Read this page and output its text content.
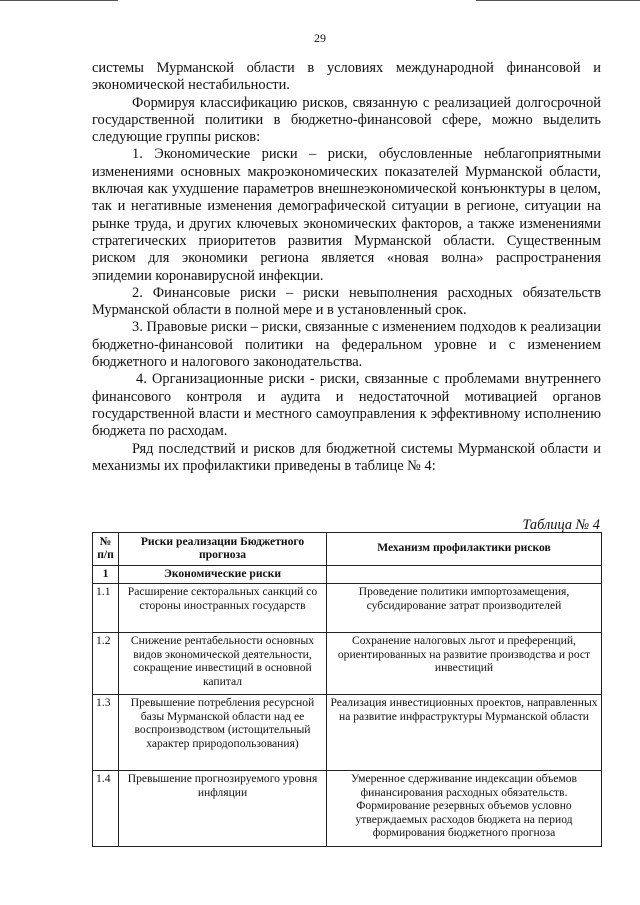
29

системы Мурманской области в условиях международной финансовой и экономической нестабильности.

Формируя классификацию рисков, связанную с реализацией долгосрочной государственной политики в бюджетно-финансовой сфере, можно выделить следующие группы рисков:

1. Экономические риски – риски, обусловленные неблагоприятными изменениями основных макроэкономических показателей Мурманской области, включая как ухудшение параметров внешнеэкономической конъюнктуры в целом, так и негативные изменения демографической ситуации в регионе, ситуации на рынке труда, и других ключевых экономических факторов, а также изменениями стратегических приоритетов развития Мурманской области. Существенным риском для экономики региона является «новая волна» распространения эпидемии коронавирусной инфекции.

2. Финансовые риски – риски невыполнения расходных обязательств Мурманской области в полной мере и в установленный срок.

3. Правовые риски – риски, связанные с изменением подходов к реализации бюджетно-финансовой политики на федеральном уровне и с изменением бюджетного и налогового законодательства.

4. Организационные риски - риски, связанные с проблемами внутреннего финансового контроля и аудита и недостаточной мотивацией органов государственной власти и местного самоуправления к эффективному исполнению бюджета по расходам.

Ряд последствий и рисков для бюджетной системы Мурманской области и механизмы их профилактики приведены в таблице № 4:

Таблица № 4
№ п/п	Риски реализации Бюджетного прогноза	Механизм профилактики рисков
1	Экономические риски	
1.1	Расширение секторальных санкций со стороны иностранных государств	Проведение политики импортозамещения, субсидирование затрат производителей
1.2	Снижение рентабельности основных видов экономической деятельности, сокращение инвестиций в основной капитал	Сохранение налоговых льгот и преференций, ориентированных на развитие производства и рост инвестиций
1.3	Превышение потребления ресурсной базы Мурманской области над ее воспроизводством (истощительный характер природопользования)	Реализация инвестиционных проектов, направленных на развитие инфраструктуры Мурманской области
1.4	Превышение прогнозируемого уровня инфляции	Умеренное сдерживание индексации объемов финансирования расходных обязательств. Формирование резервных объемов условно утверждаемых расходов бюджета на период формирования бюджетного прогноза
